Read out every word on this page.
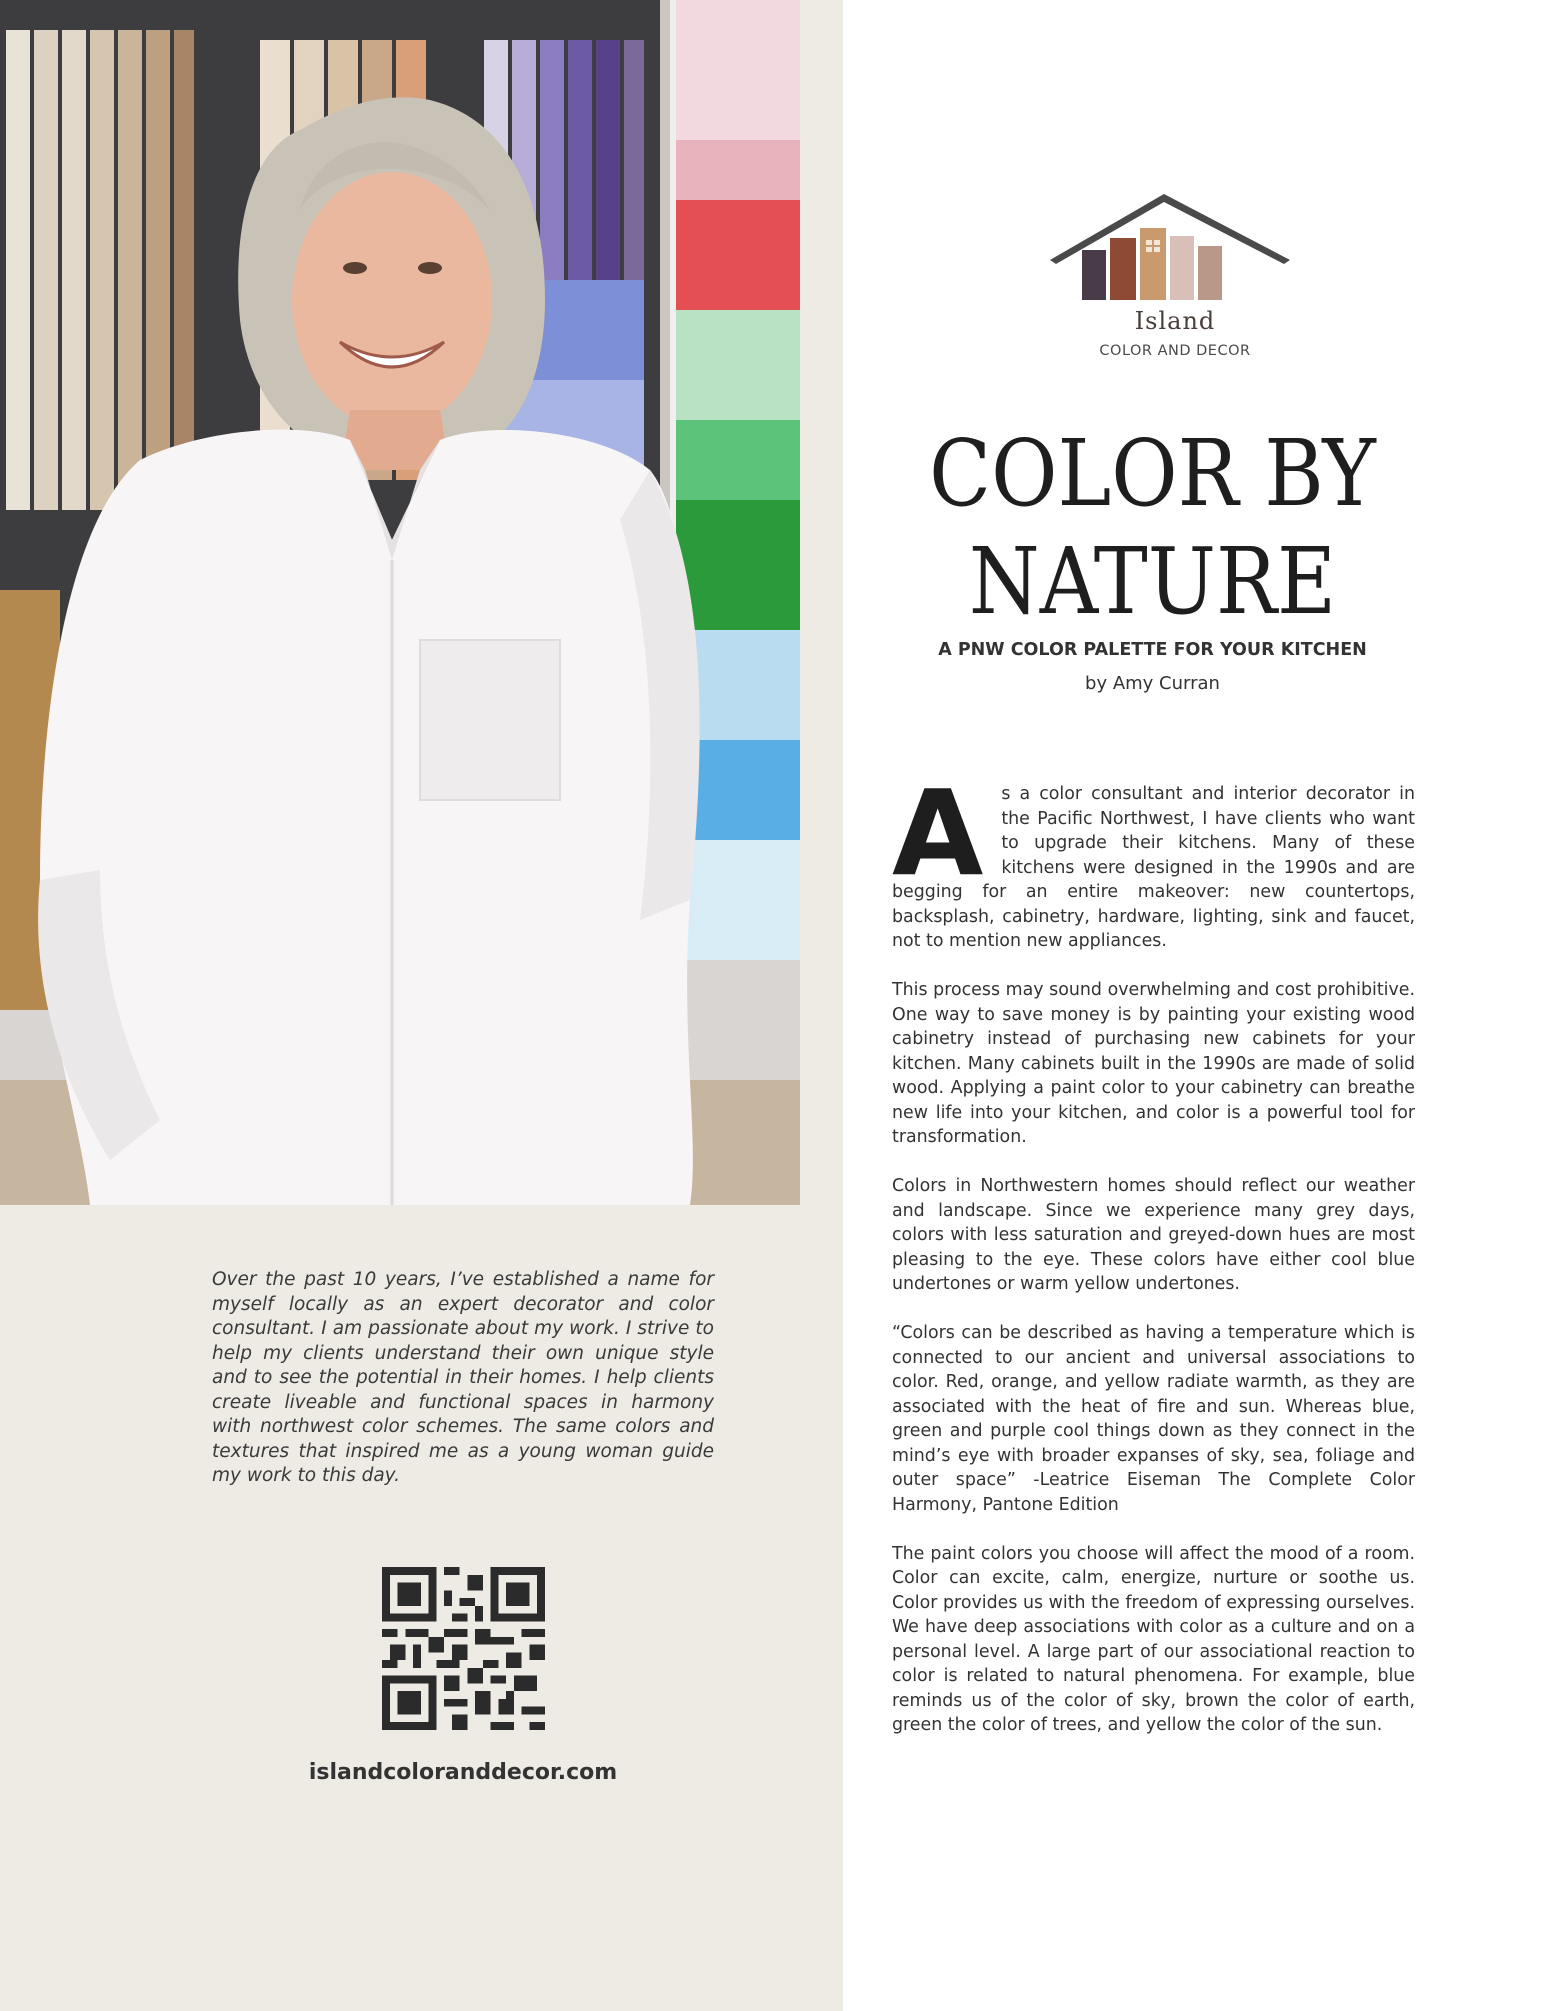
Over the past 10 years, I’ve established a name for myself locally as an expert decorator and color consultant. I am passionate about my work. I strive to help my clients understand their own unique style and to see the potential in their homes. I help clients create liveable and functional spaces in harmony with northwest color schemes. The same colors and textures that inspired me as a young woman guide my work to this day.

islandcoloranddecor.com
Island
COLOR AND DECOR
COLOR BY NATURE
A PNW COLOR PALETTE FOR YOUR KITCHEN
by Amy Curran

A s a color consultant and interior decorator in the Pacific Northwest, I have clients who want to upgrade their kitchens. Many of these kitchens were designed in the 1990s and are begging for an entire makeover: new countertops, backsplash, cabinetry, hardware, lighting, sink and faucet, not to mention new appliances.

This process may sound overwhelming and cost prohibitive. One way to save money is by painting your existing wood cabinetry instead of purchasing new cabinets for your kitchen. Many cabinets built in the 1990s are made of solid wood. Applying a paint color to your cabinetry can breathe new life into your kitchen, and color is a powerful tool for transformation.

Colors in Northwestern homes should reflect our weather and landscape. Since we experience many grey days, colors with less saturation and greyed-down hues are most pleasing to the eye. These colors have either cool blue undertones or warm yellow undertones.

“Colors can be described as having a temperature which is connected to our ancient and universal associations to color. Red, orange, and yellow radiate warmth, as they are associated with the heat of fire and sun. Whereas blue, green and purple cool things down as they connect in the mind’s eye with broader expanses of sky, sea, foliage and outer space” -Leatrice Eiseman The Complete Color Harmony, Pantone Edition

The paint colors you choose will affect the mood of a room. Color can excite, calm, energize, nurture or soothe us. Color provides us with the freedom of expressing ourselves. We have deep associations with color as a culture and on a personal level. A large part of our associational reaction to color is related to natural phenomena. For example, blue reminds us of the color of sky, brown the color of earth, green the color of trees, and yellow the color of the sun.
